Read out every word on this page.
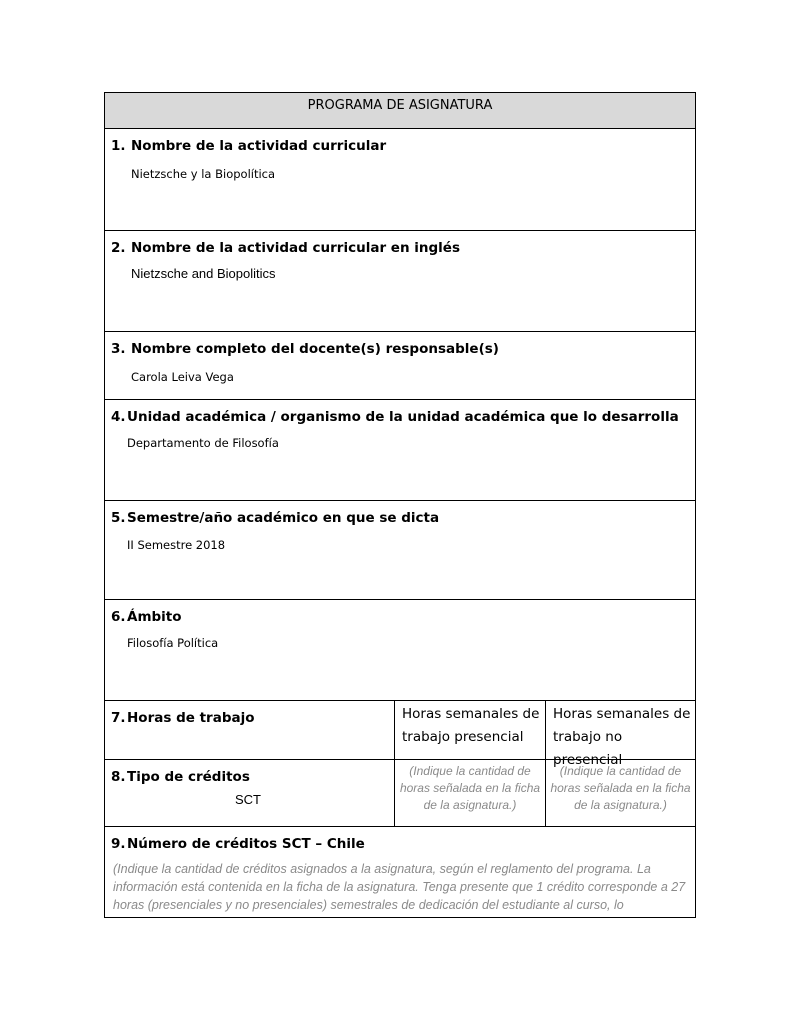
PROGRAMA DE ASIGNATURA
1. Nombre de la actividad curricular
Nietzsche y la Biopolítica
2. Nombre de la actividad curricular en inglés
Nietzsche and Biopolitics
3. Nombre completo del docente(s) responsable(s)
Carola Leiva Vega
4.Unidad académica / organismo de la unidad académica que lo desarrolla
Departamento de Filosofía
5.Semestre/año académico en que se dicta
II Semestre 2018
6.Ámbito
Filosofía Política
7.Horas de trabajo	Horas semanales de trabajo presencial
Horas semanales de trabajo no presencial
8.Tipo de créditos
SCT
(Indique la cantidad de horas señalada en la ficha de la asignatura.)
(Indique la cantidad de horas señalada en la ficha de la asignatura.)
9.Número de créditos SCT – Chile
(Indique la cantidad de créditos asignados a la asignatura, según el reglamento del programa. La información está contenida en la ficha de la asignatura. Tenga presente que 1 crédito corresponde a 27 horas (presenciales y no presenciales) semestrales de dedicación del estudiante al curso, lo
